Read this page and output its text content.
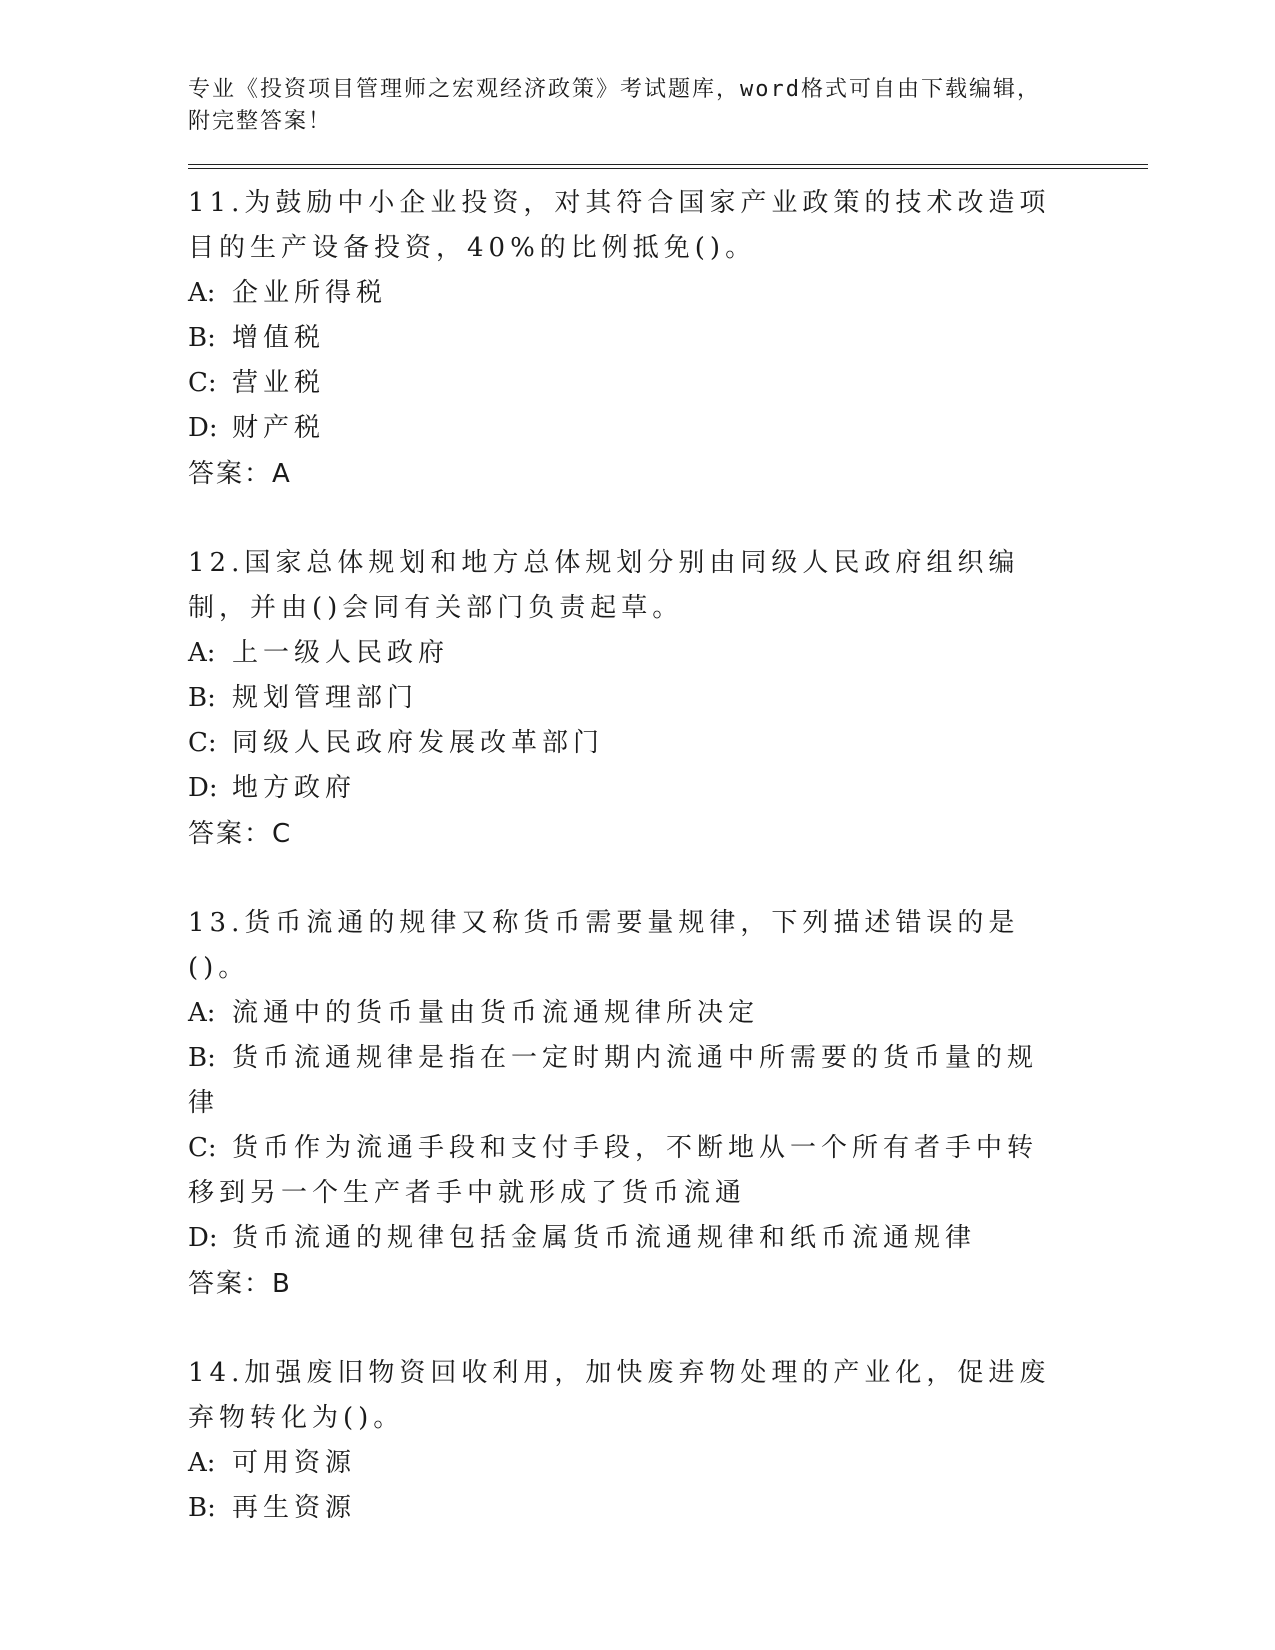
专业《投资项目管理师之宏观经济政策》考试题库，word格式可自由下载编辑，
附完整答案！
11.为鼓励中小企业投资，对其符合国家产业政策的技术改造项目的生产设备投资，40%的比例抵免()。
A: 企业所得税
B: 增值税
C: 营业税
D: 财产税
答案：A
12.国家总体规划和地方总体规划分别由同级人民政府组织编制，并由()会同有关部门负责起草。
A: 上一级人民政府
B: 规划管理部门
C: 同级人民政府发展改革部门
D: 地方政府
答案：C
13.货币流通的规律又称货币需要量规律，下列描述错误的是()。
A: 流通中的货币量由货币流通规律所决定
B: 货币流通规律是指在一定时期内流通中所需要的货币量的规律
C: 货币作为流通手段和支付手段，不断地从一个所有者手中转移到另一个生产者手中就形成了货币流通
D: 货币流通的规律包括金属货币流通规律和纸币流通规律
答案：B
14.加强废旧物资回收利用，加快废弃物处理的产业化，促进废弃物转化为()。
A: 可用资源
B: 再生资源
